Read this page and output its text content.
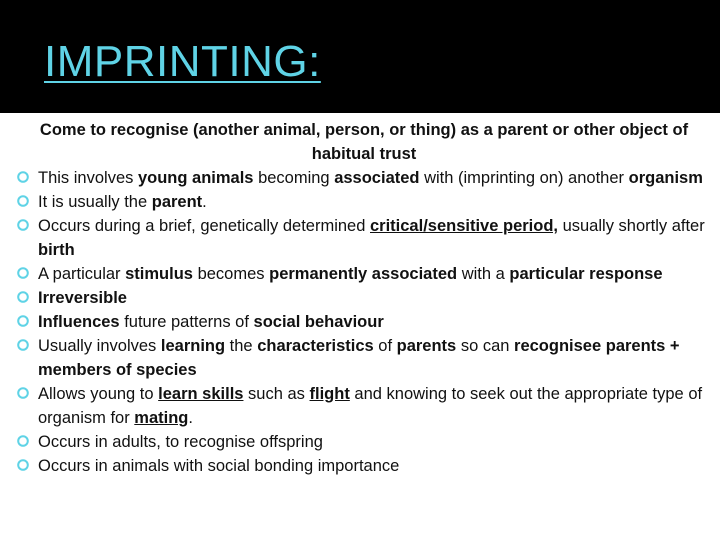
IMPRINTING:
Come to recognise (another animal, person, or thing) as a parent or other object of habitual trust
This involves young animals becoming associated with (imprinting on) another organism
It is usually the parent.
Occurs during a brief, genetically determined critical/sensitive period, usually shortly after birth
A particular stimulus becomes permanently associated with a particular response
Irreversible
Influences future patterns of social behaviour
Usually involves learning the characteristics of parents so can recognisee parents + members of species
Allows young to learn skills such as flight and knowing to seek out the appropriate type of organism for mating.
Occurs in adults, to recognise offspring
Occurs in animals with social bonding importance
